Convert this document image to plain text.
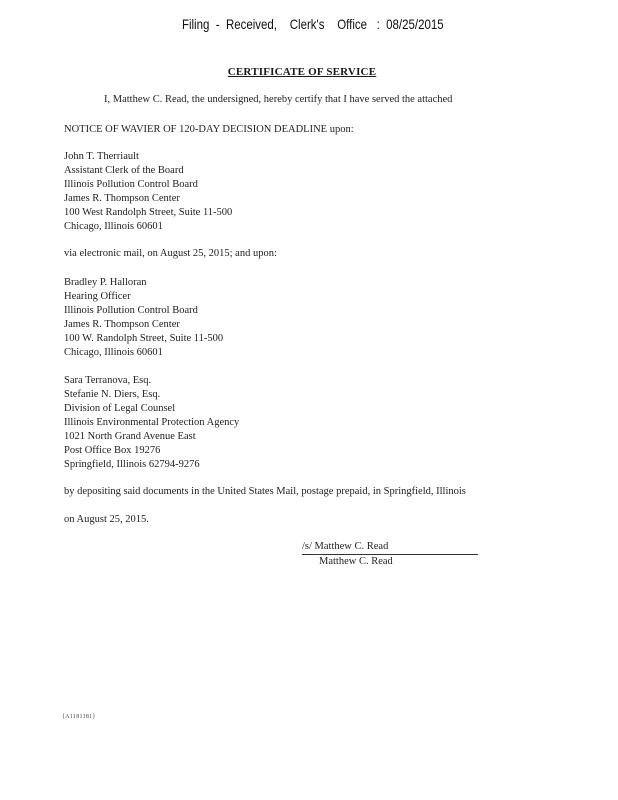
Filing  -  Received,    Clerk's    Office   :  08/25/2015
CERTIFICATE OF SERVICE
I, Matthew C. Read, the undersigned, hereby certify that I have served the attached
NOTICE OF WAVIER OF 120-DAY DECISION DEADLINE upon:
John T. Therriault
Assistant Clerk of the Board
Illinois Pollution Control Board
James R. Thompson Center
100 West Randolph Street, Suite 11-500
Chicago, Illinois 60601
via electronic mail, on August 25, 2015; and upon:
Bradley P. Halloran
Hearing Officer
Illinois Pollution Control Board
James R. Thompson Center
100 W. Randolph Street, Suite 11-500
Chicago, Illinois 60601
Sara Terranova, Esq.
Stefanie N. Diers, Esq.
Division of Legal Counsel
Illinois Environmental Protection Agency
1021 North Grand Avenue East
Post Office Box 19276
Springfield, Illinois 62794-9276
by depositing said documents in the United States Mail, postage prepaid, in Springfield, Illinois
on August 25, 2015.
/s/ Matthew C. Read
Matthew C. Read
{A1181181}
